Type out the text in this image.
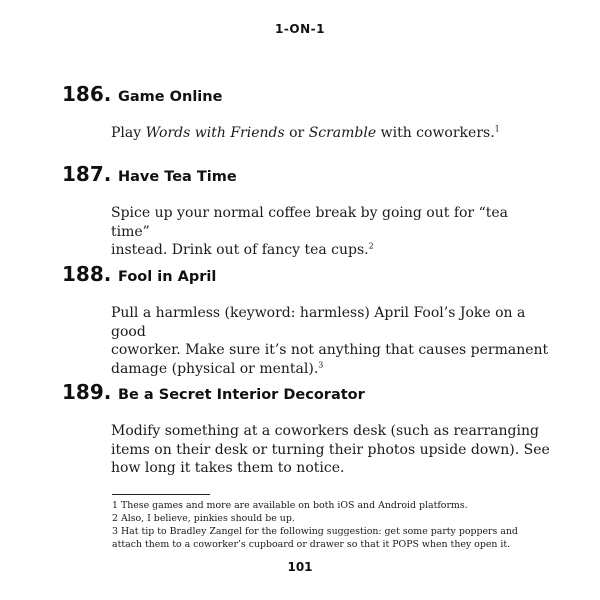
1-ON-1
186. Game Online
Play Words with Friends or Scramble with coworkers.$^1$
187. Have Tea Time
Spice up your normal coffee break by going out for “tea time”
instead. Drink out of fancy tea cups.$^2$
188. Fool in April
Pull a harmless (keyword: harmless) April Fool’s Joke on a good
coworker. Make sure it’s not anything that causes permanent
damage (physical or mental).$^3$
189. Be a Secret Interior Decorator
Modify something at a coworkers desk (such as rearranging
items on their desk or turning their photos upside down). See
how long it takes them to notice.
1 These games and more are available on both iOS and Android platforms.
2 Also, I believe, pinkies should be up.
3 Hat tip to Bradley Zangel for the following suggestion: get some party poppers and
attach them to a coworker’s cupboard or drawer so that it POPS when they open it.
101
